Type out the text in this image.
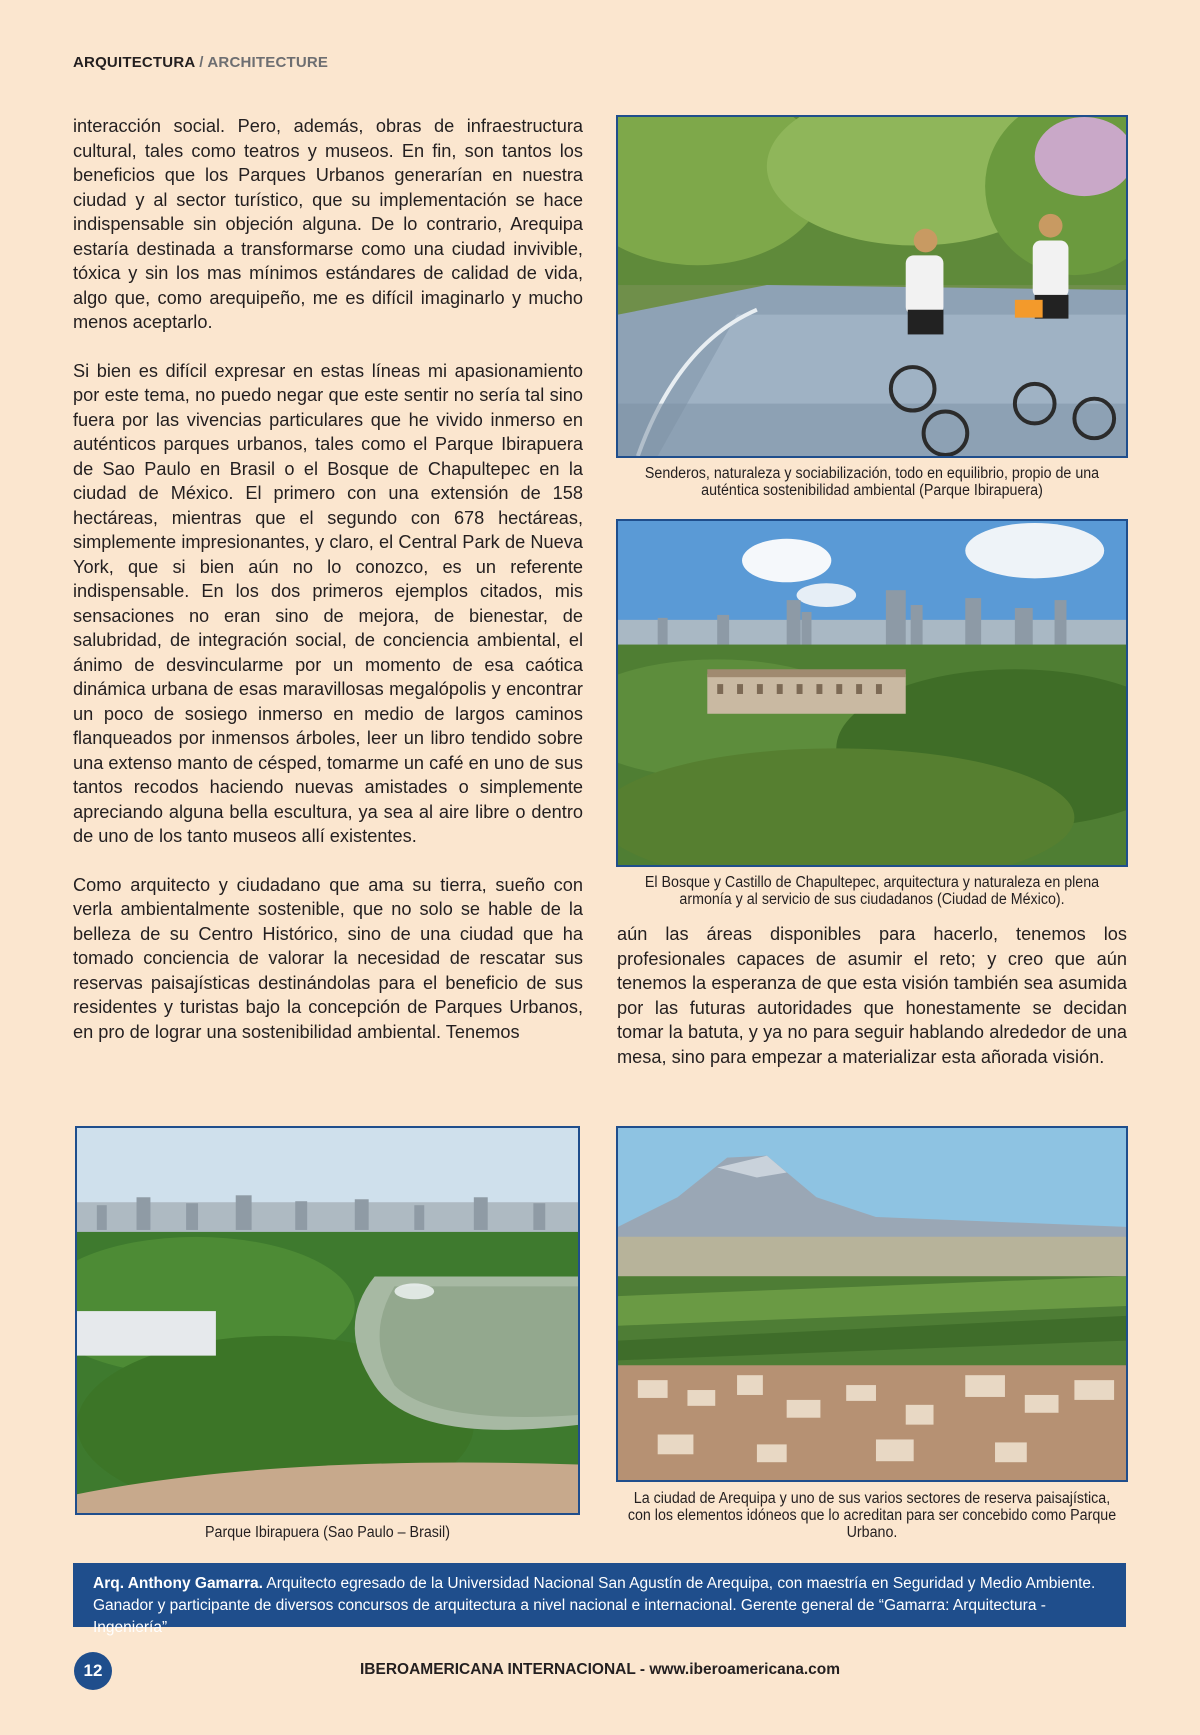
ARQUITECTURA / ARCHITECTURE

interacción social. Pero, además, obras de infraestructura cultural, tales como teatros y museos. En fin, son tantos los beneficios que los Parques Urbanos generarían en nuestra ciudad y al sector turístico, que su implementación se hace indispensable sin objeción alguna. De lo contrario, Arequipa estaría destinada a transformarse como una ciudad invivible, tóxica y sin los mas mínimos estándares de calidad de vida, algo que, como arequipeño, me es difícil imaginarlo y mucho menos aceptarlo.

Si bien es difícil expresar en estas líneas mi apasionamiento por este tema, no puedo negar que este sentir no sería tal sino fuera por las vivencias particulares que he vivido inmerso en auténticos parques urbanos, tales como el Parque Ibirapuera de Sao Paulo en Brasil o el Bosque de Chapultepec en la ciudad de México. El primero con una extensión de 158 hectáreas, mientras que el segundo con 678 hectáreas, simplemente impresionantes, y claro, el Central Park de Nueva York, que si bien aún no lo conozco, es un referente indispensable. En los dos primeros ejemplos citados, mis sensaciones no eran sino de mejora, de bienestar, de salubridad, de integración social, de conciencia ambiental, el ánimo de desvincularme por un momento de esa caótica dinámica urbana de esas maravillosas megalópolis y encontrar un poco de sosiego inmerso en medio de largos caminos flanqueados por inmensos árboles, leer un libro tendido sobre una extenso manto de césped, tomarme un café en uno de sus tantos recodos haciendo nuevas amistades o simplemente apreciando alguna bella escultura, ya sea al aire libre o dentro de uno de los tanto museos allí existentes.

Como arquitecto y ciudadano que ama su tierra, sueño con verla ambientalmente sostenible, que no solo se hable de la belleza de su Centro Histórico, sino de una ciudad que ha tomado conciencia de valorar la necesidad de rescatar sus reservas paisajísticas destinándolas para el beneficio de sus residentes y turistas bajo la concepción de Parques Urbanos, en pro de lograr una sostenibilidad ambiental. Tenemos

Senderos, naturaleza y sociabilización, todo en equilibrio, propio de una auténtica sostenibilidad ambiental (Parque Ibirapuera)
El Bosque y Castillo de Chapultepec, arquitectura y naturaleza en plena armonía y al servicio de sus ciudadanos (Ciudad de México).

aún las áreas disponibles para hacerlo, tenemos los profesionales capaces de asumir el reto; y creo que aún tenemos la esperanza de que esta visión también sea asumida por las futuras autoridades que honestamente se decidan tomar la batuta, y ya no para seguir hablando alrededor de una mesa, sino para empezar a materializar esta añorada visión.

Parque Ibirapuera (Sao Paulo – Brasil)
La ciudad de Arequipa y uno de sus varios sectores de reserva paisajística, con los elementos idóneos que lo acreditan para ser concebido como Parque Urbano.
Arq. Anthony Gamarra. Arquitecto egresado de la Universidad Nacional San Agustín de Arequipa, con maestría en Seguridad y Medio Ambiente. Ganador y participante de diversos concursos de arquitectura a nivel nacional e internacional. Gerente general de “Gamarra: Arquitectura - Ingeniería”
12	IBEROAMERICANA INTERNACIONAL - www.iberoamericana.com
